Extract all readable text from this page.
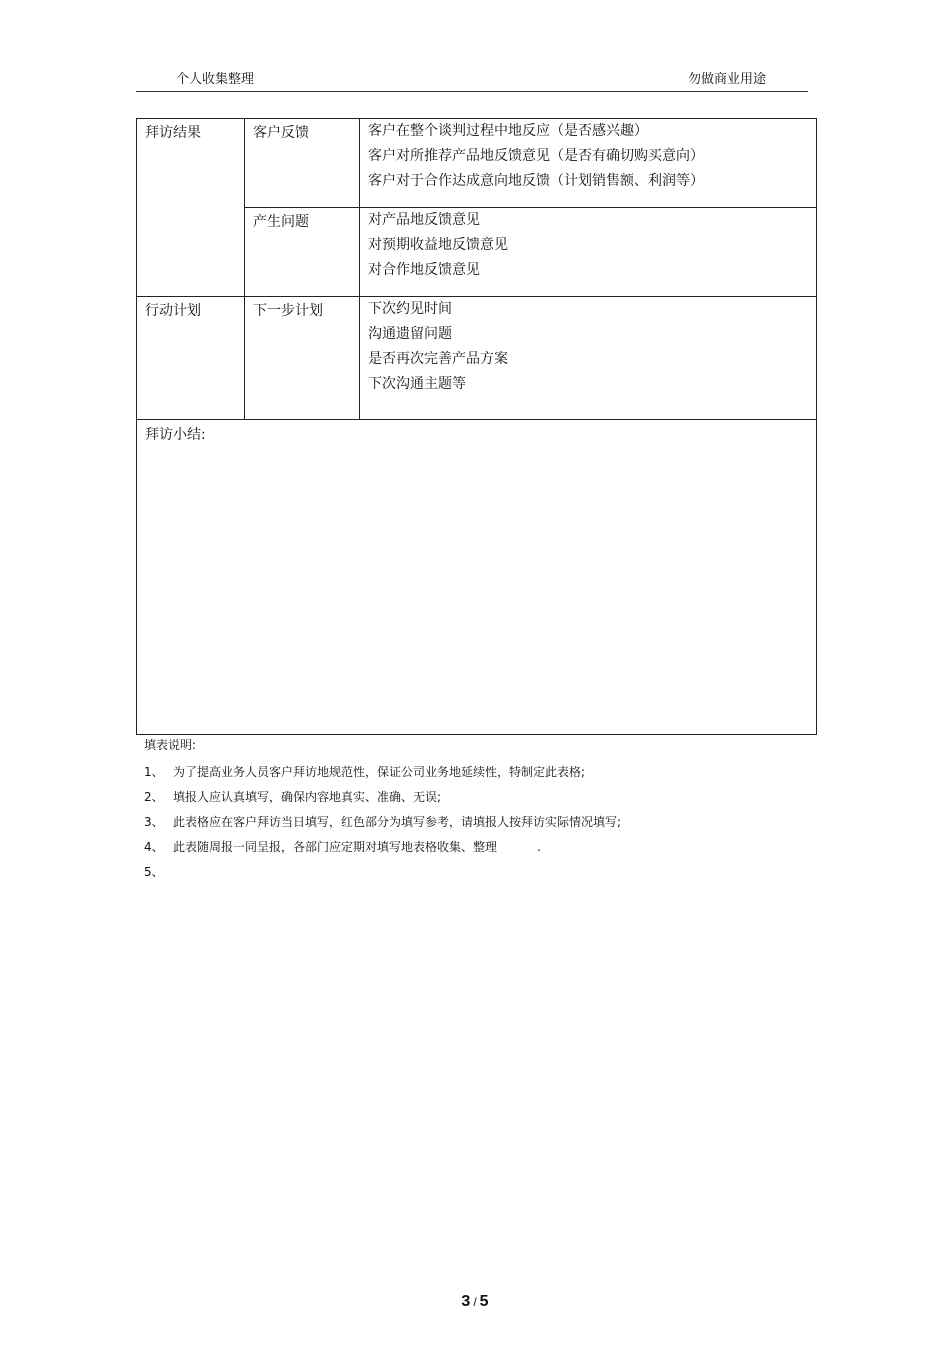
个人收集整理	勿做商业用途
拜访结果	客户反馈	客户在整个谈判过程中地反应（是否感兴趣）
客户对所推荐产品地反馈意见（是否有确切购买意向）
客户对于合作达成意向地反馈（计划销售额、利润等）

	产生问题	对产品地反馈意见
对预期收益地反馈意见
对合作地反馈意见

行动计划	下一步计划	下次约见时间
沟通遗留问题
是否再次完善产品方案
下次沟通主题等

拜访小结:		
填表说明:
1、 为了提高业务人员客户拜访地规范性，保证公司业务地延续性，特制定此表格;
2、 填报人应认真填写，确保内容地真实、准确、无误;
3、 此表格应在客户拜访当日填写，红色部分为填写参考，请填报人按拜访实际情况填写;
4、 此表随周报一同呈报，各部门应定期对填写地表格收集、整理	.
5、
3 / 5
